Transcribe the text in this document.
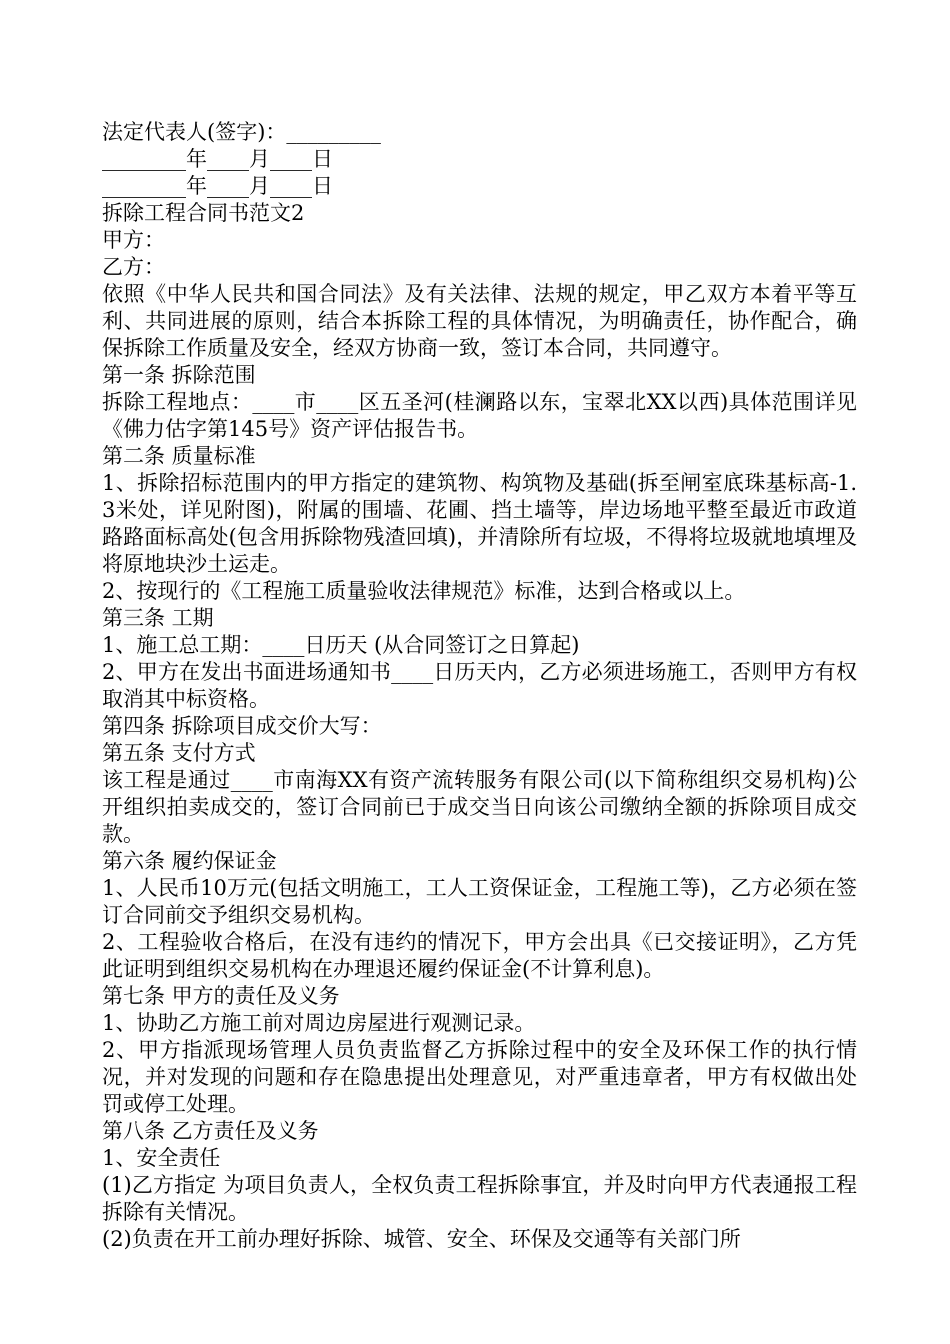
法定代表人(签字)：_________

________年____月____日

________年____月____日

拆除工程合同书范文2

甲方：

乙方：

依照《中华人民共和国合同法》及有关法律、法规的规定，甲乙双方本着平等互利、共同进展的原则，结合本拆除工程的具体情况，为明确责任，协作配合，确保拆除工作质量及安全，经双方协商一致，签订本合同，共同遵守。

第一条 拆除范围

拆除工程地点：____市____区五圣河(桂澜路以东，宝翠北XX以西)具体范围详见《佛力估字第145号》资产评估报告书。

第二条 质量标准

1、拆除招标范围内的甲方指定的建筑物、构筑物及基础(拆至闸室底珠基标高-1.3米处，详见附图)，附属的围墙、花圃、挡土墙等，岸边场地平整至最近市政道路路面标高处(包含用拆除物残渣回填)，并清除所有垃圾，不得将垃圾就地填埋及将原地块沙土运走。

2、按现行的《工程施工质量验收法律规范》标准，达到合格或以上。

第三条 工期

1、施工总工期：____日历天 (从合同签订之日算起)

2、甲方在发出书面进场通知书____日历天内，乙方必须进场施工，否则甲方有权取消其中标资格。

第四条 拆除项目成交价大写：

第五条 支付方式

该工程是通过____市南海XX有资产流转服务有限公司(以下简称组织交易机构)公开组织拍卖成交的，签订合同前已于成交当日向该公司缴纳全额的拆除项目成交款。

第六条 履约保证金

1、人民币10万元(包括文明施工，工人工资保证金，工程施工等)，乙方必须在签订合同前交予组织交易机构。

2、工程验收合格后，在没有违约的情况下，甲方会出具《已交接证明》，乙方凭此证明到组织交易机构在办理退还履约保证金(不计算利息)。

第七条 甲方的责任及义务

1、协助乙方施工前对周边房屋进行观测记录。

2、甲方指派现场管理人员负责监督乙方拆除过程中的安全及环保工作的执行情况，并对发现的问题和存在隐患提出处理意见，对严重违章者，甲方有权做出处罚或停工处理。

第八条 乙方责任及义务

1、安全责任

(1)乙方指定 为项目负责人，全权负责工程拆除事宜，并及时向甲方代表通报工程拆除有关情况。

(2)负责在开工前办理好拆除、城管、安全、环保及交通等有关部门所
